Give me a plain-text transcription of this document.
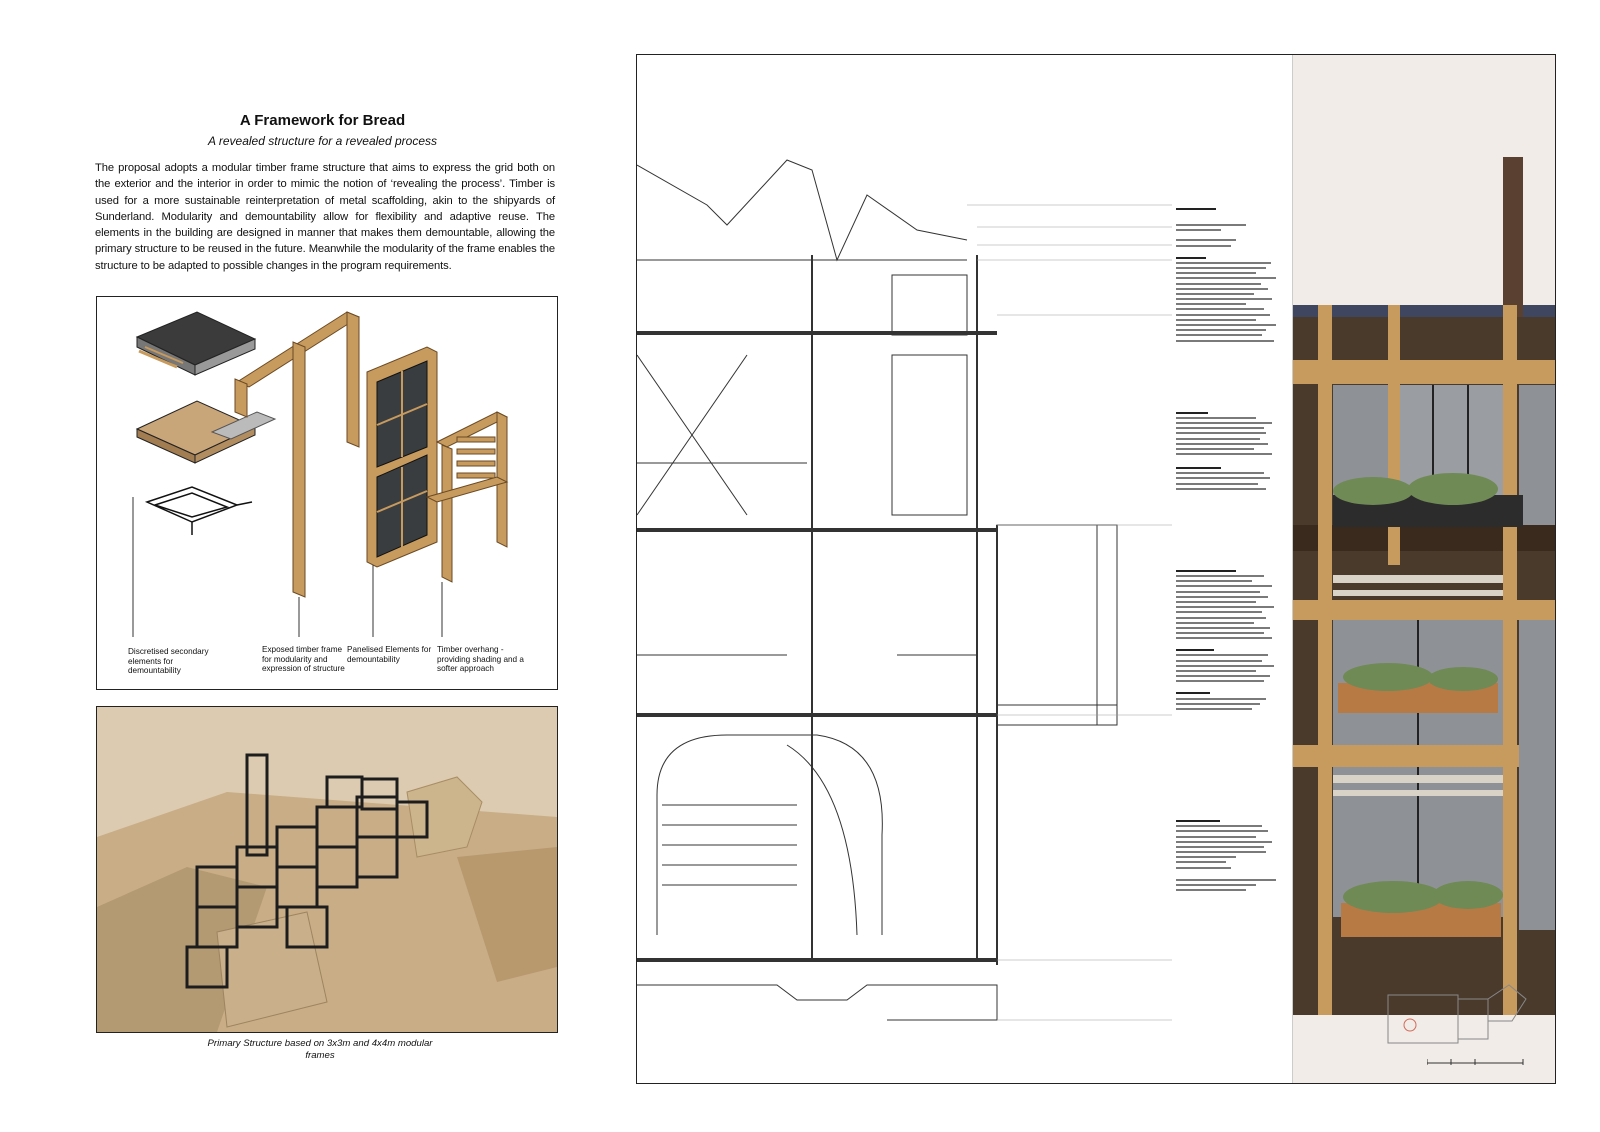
A Framework for Bread
A revealed structure for a revealed process
The proposal adopts a modular timber frame structure that aims to express the grid both on the exterior and the interior in order to mimic the notion of ‘revealing the process’. Timber is used for a more sustainable reinterpretation of metal scaffolding, akin to the shipyards of Sunderland. Modularity and demountability allow for flexibility and adaptive reuse. The elements in the building are designed in manner that makes them demountable, allowing the primary structure to be reused in the future. Meanwhile the modularity of the frame enables the structure to be adapted to possible changes in the program requirements.
Discretised secondary elements for demountability
Exposed timber frame for modularity and expression of structure
Panelised Elements for demountability
Timber overhang - providing shading and a softer approach
Primary Structure based on 3x3m and 4x4m modular frames
